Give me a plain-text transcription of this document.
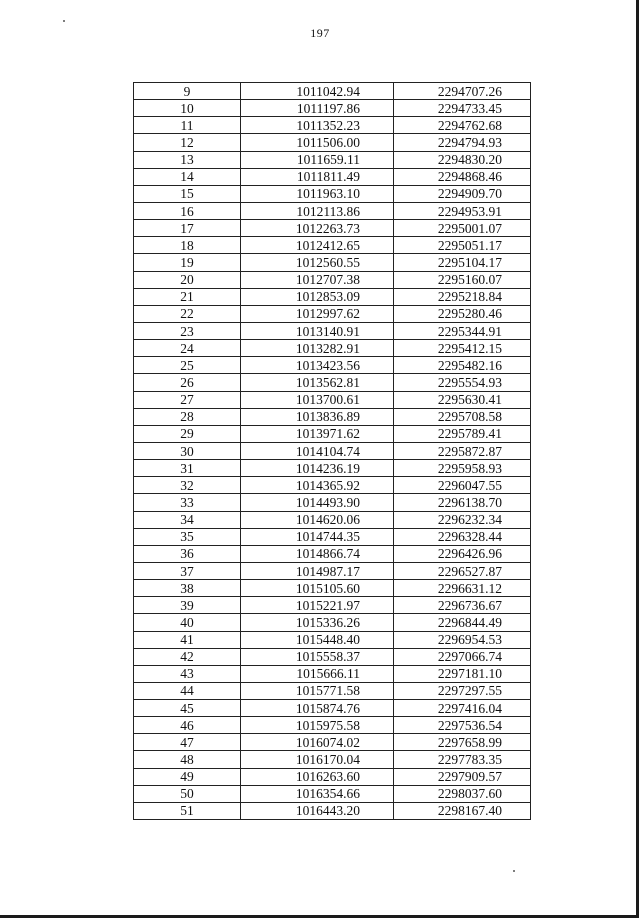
197
9	1011042.94	2294707.26
10	1011197.86	2294733.45
11	1011352.23	2294762.68
12	1011506.00	2294794.93
13	1011659.11	2294830.20
14	1011811.49	2294868.46
15	1011963.10	2294909.70
16	1012113.86	2294953.91
17	1012263.73	2295001.07
18	1012412.65	2295051.17
19	1012560.55	2295104.17
20	1012707.38	2295160.07
21	1012853.09	2295218.84
22	1012997.62	2295280.46
23	1013140.91	2295344.91
24	1013282.91	2295412.15
25	1013423.56	2295482.16
26	1013562.81	2295554.93
27	1013700.61	2295630.41
28	1013836.89	2295708.58
29	1013971.62	2295789.41
30	1014104.74	2295872.87
31	1014236.19	2295958.93
32	1014365.92	2296047.55
33	1014493.90	2296138.70
34	1014620.06	2296232.34
35	1014744.35	2296328.44
36	1014866.74	2296426.96
37	1014987.17	2296527.87
38	1015105.60	2296631.12
39	1015221.97	2296736.67
40	1015336.26	2296844.49
41	1015448.40	2296954.53
42	1015558.37	2297066.74
43	1015666.11	2297181.10
44	1015771.58	2297297.55
45	1015874.76	2297416.04
46	1015975.58	2297536.54
47	1016074.02	2297658.99
48	1016170.04	2297783.35
49	1016263.60	2297909.57
50	1016354.66	2298037.60
51	1016443.20	2298167.40
